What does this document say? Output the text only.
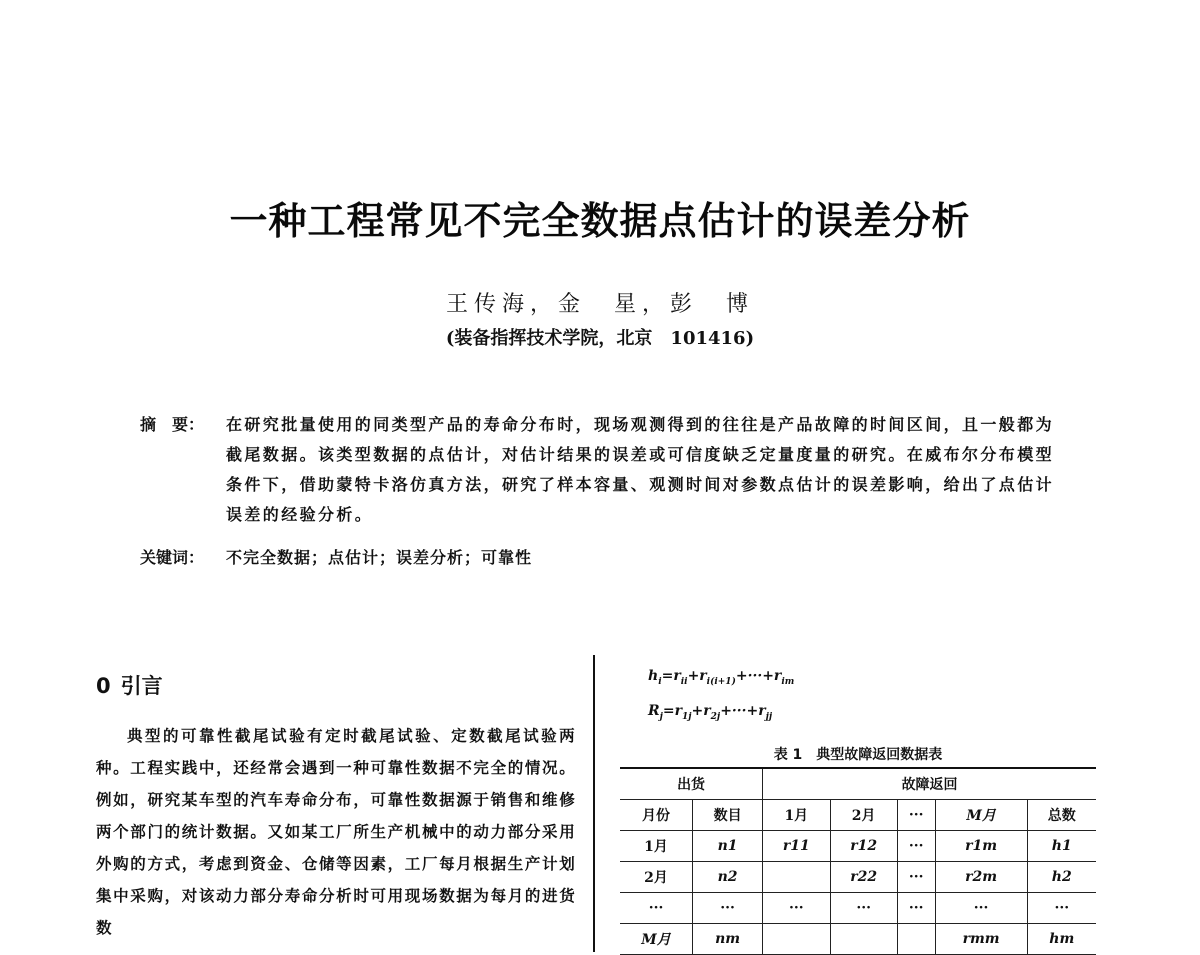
一种工程常见不完全数据点估计的误差分析
王传海，金　星，彭　博
(装备指挥技术学院，北京　101416)
摘　要：	在研究批量使用的同类型产品的寿命分布时，现场观测得到的往往是产品故障的时间区间，且一般都为截尾数据。该类型数据的点估计，对估计结果的误差或可信度缺乏定量度量的研究。在威布尔分布模型条件下，借助蒙特卡洛仿真方法，研究了样本容量、观测时间对参数点估计的误差影响，给出了点估计误差的经验分析。
关键词： 不完全数据；点估计；误差分析；可靠性
0 引言

典型的可靠性截尾试验有定时截尾试验、定数截尾试验两种。工程实践中，还经常会遇到一种可靠性数据不完全的情况。例如，研究某车型的汽车寿命分布，可靠性数据源于销售和维修两个部门的统计数据。又如某工厂所生产机械中的动力部分采用外购的方式，考虑到资金、仓储等因素，工厂每月根据生产计划集中采购，对该动力部分寿命分析时可用现场数据为每月的进货数

$h_i=r_{ii}+r_{i(i+1)}+\cdot\cdot\cdot+r_{im}$
$R_j=r_{1j}+r_{2j}+\cdot\cdot\cdot+r_{jj}$
表 1　典型故障返回数据表
出货		故障返回				
月份	数目	1月	2月	···	M月	总数
1月	n1	r11	r12	···	r1m	h1
2月	n2		r22	···	r2m	h2
···	···	···	···	···	···	···
M月	nm				rmm	hm
